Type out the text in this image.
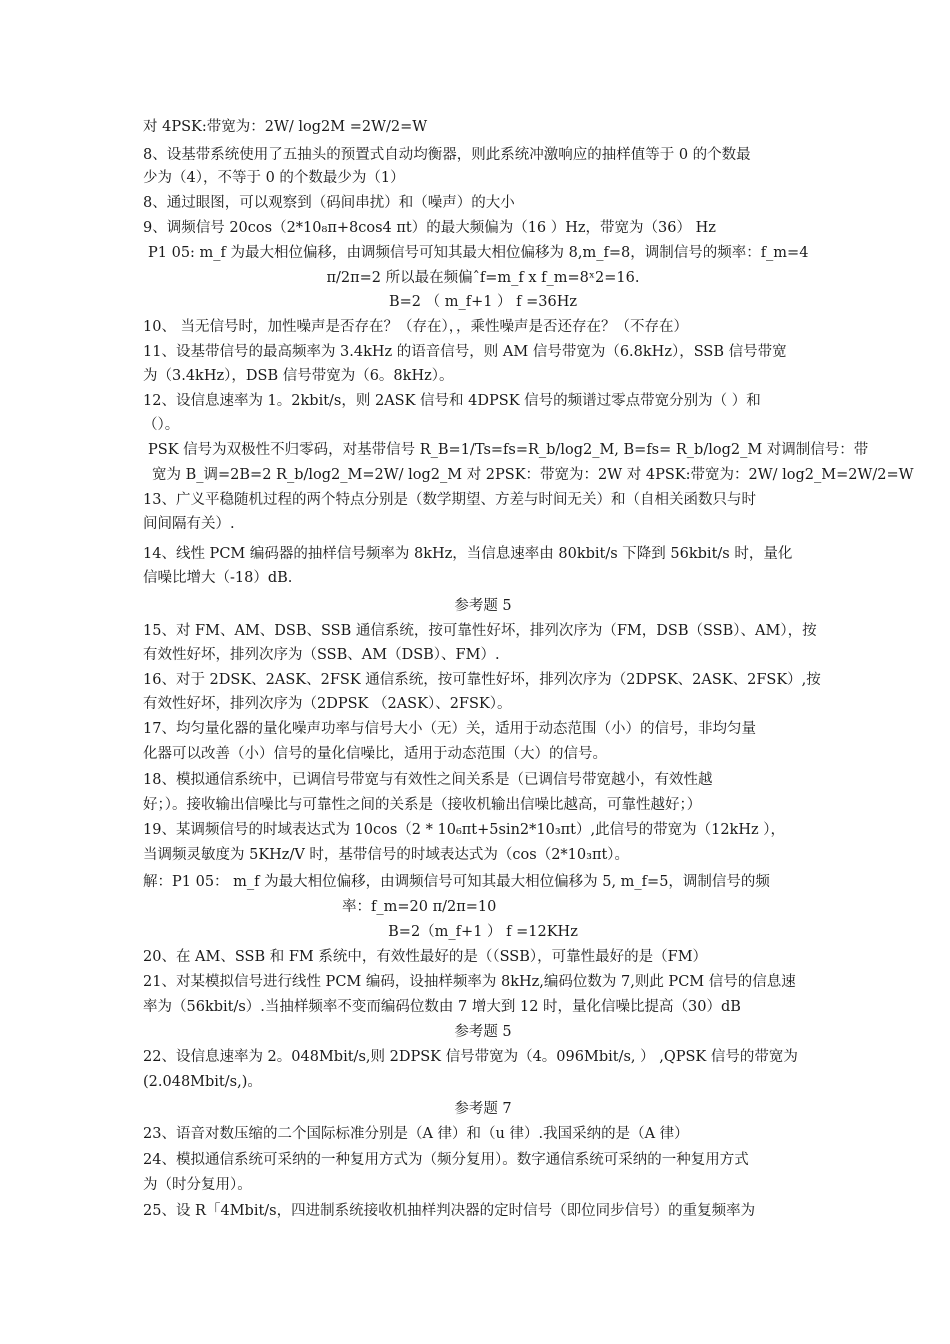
对 4PSK:带宽为：2W/ log2M =2W/2=W
8、设基带系统使用了五抽头的预置式自动均衡器，则此系统冲激响应的抽样值等于 0 的个数最
少为（4），不等于 0 的个数最少为（1）
8、通过眼图，可以观察到（码间串扰）和（噪声）的大小
9、调频信号 20cos（2*10₈π+8cos4 πt）的最大频偏为（16 ）Hz，带宽为（36） Hz
P1 05: m_f 为最大相位偏移，由调频信号可知其最大相位偏移为 8,m_f=8，调制信号的频率：f_m=4
π/2π=2 所以最在频偏ˆf=m_f x f_m=8ˣ2=16.
B=2 （ m_f+1 ） f =36Hz
10、 当无信号时，加性噪声是否存在？（存在），，乘性噪声是否还存在？（不存在）
11、设基带信号的最高频率为 3.4kHz 的语音信号，则 AM 信号带宽为（6.8kHz），SSB 信号带宽
为（3.4kHz），DSB 信号带宽为（6。8kHz）。
12、设信息速率为 1。2kbit/s，则 2ASK 信号和 4DPSK 信号的频谱过零点带宽分别为（ ）和
（）。
PSK 信号为双极性不归零码，对基带信号 R_B=1/Ts=fs=R_b/log2_M, B=fs= R_b/log2_M 对调制信号：带
宽为 B_调=2B=2 R_b/log2_M=2W/ log2_M 对 2PSK：带宽为：2W 对 4PSK:带宽为：2W/ log2_M=2W/2=W
13、广义平稳随机过程的两个特点分别是（数学期望、方差与时间无关）和（自相关函数只与时
间间隔有关）.
14、线性 PCM 编码器的抽样信号频率为 8kHz，当信息速率由 80kbit/s 下降到 56kbit/s 时，量化
信噪比增大（-18）dB.
参考题 5
15、对 FM、AM、DSB、SSB 通信系统，按可靠性好坏，排列次序为（FM，DSB（SSB）、AM），按
有效性好坏，排列次序为（SSB、AM（DSB）、FM）.
16、对于 2DSK、2ASK、2FSK 通信系统，按可靠性好坏，排列次序为（2DPSK、2ASK、2FSK）,按
有效性好坏，排列次序为（2DPSK （2ASK）、2FSK）。
17、均匀量化器的量化噪声功率与信号大小（无）关，适用于动态范围（小）的信号，非均匀量
化器可以改善（小）信号的量化信噪比，适用于动态范围（大）的信号。
18、模拟通信系统中，已调信号带宽与有效性之间关系是（已调信号带宽越小，有效性越
好；）。接收输出信噪比与可靠性之间的关系是（接收机输出信噪比越高，可靠性越好；）
19、某调频信号的时域表达式为 10cos（2 * 10₆πt+5sin2*10₃πt）,此信号的带宽为（12kHz ），
当调频灵敏度为 5KHz/V 时，基带信号的时域表达式为（cos（2*10₃πt）。
解：P1 05： m_f 为最大相位偏移，由调频信号可知其最大相位偏移为 5, m_f=5，调制信号的频
率：f_m=20 π/2π=10
B=2（m_f+1 ） f =12KHz
20、在 AM、SSB 和 FM 系统中，有效性最好的是（（SSB），可靠性最好的是（FM）
21、对某模拟信号进行线性 PCM 编码，设抽样频率为 8kHz,编码位数为 7,则此 PCM 信号的信息速
率为（56kbit/s）.当抽样频率不变而编码位数由 7 增大到 12 时，量化信噪比提高（30）dB
参考题 5
22、设信息速率为 2。048Mbit/s,则 2DPSK 信号带宽为（4。096Mbit/s, ） ,QPSK 信号的带宽为
(2.048Mbit/s,)。
参考题 7
23、语音对数压缩的二个国际标准分别是（A 律）和（u 律）.我国采纳的是（A 律）
24、模拟通信系统可采纳的一种复用方式为（频分复用）。数字通信系统可采纳的一种复用方式
为（时分复用）。
25、设 R「4Mbit/s，四进制系统接收机抽样判决器的定时信号（即位同步信号）的重复频率为
